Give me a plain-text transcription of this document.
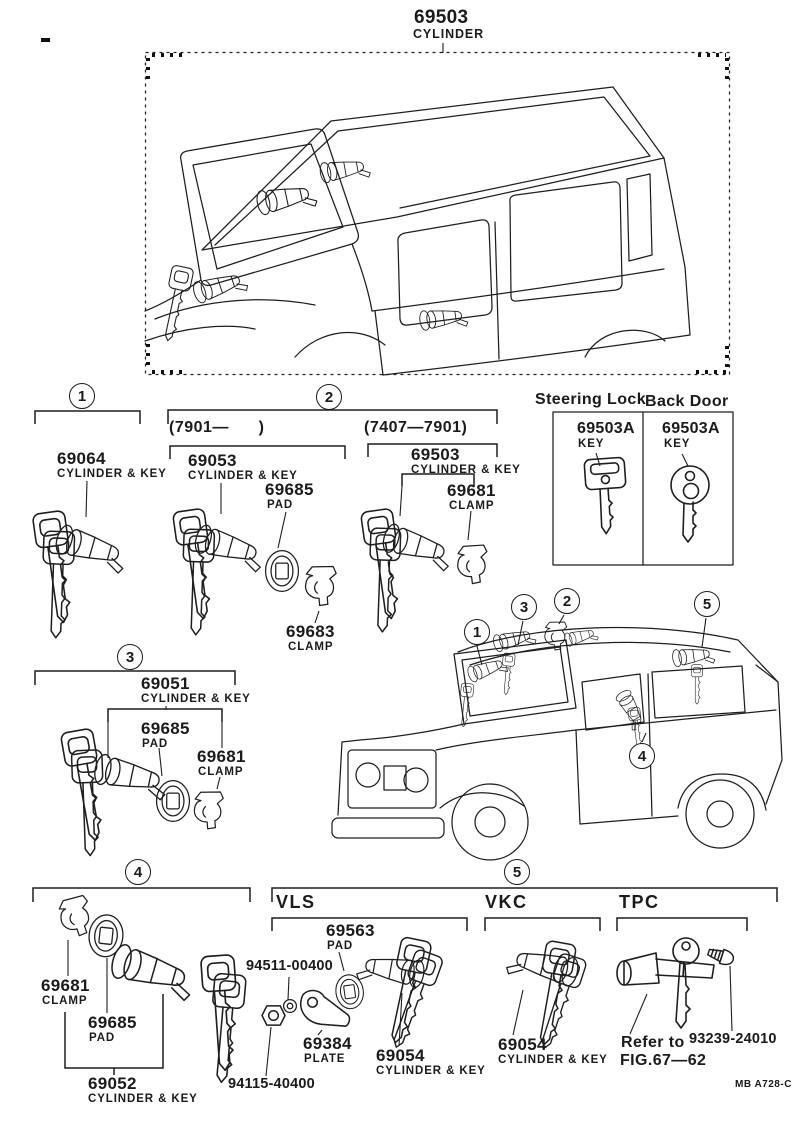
69503
CYLINDER
69064
CYLINDER & KEY
(7901—      )
69053
CYLINDER & KEY
69685
PAD
69683
CLAMP
(7407—7901)
69503
CYLINDER & KEY
69681
CLAMP
Steering Lock
Back Door
69503A
KEY
69503A
KEY
69051
CYLINDER & KEY
69685
PAD
69681
CLAMP
69681
CLAMP
69685
PAD
69052
CYLINDER & KEY
94511-00400
VLS
69563
PAD
69384
PLATE 69054
CYLINDER & KEY
94115-40400
VKC
69054
CYLINDER & KEY
TPC
Refer to
FIG.67—62
93239-24010
MB A728-C
1	2
3
4	5
1
2
3
4
5
